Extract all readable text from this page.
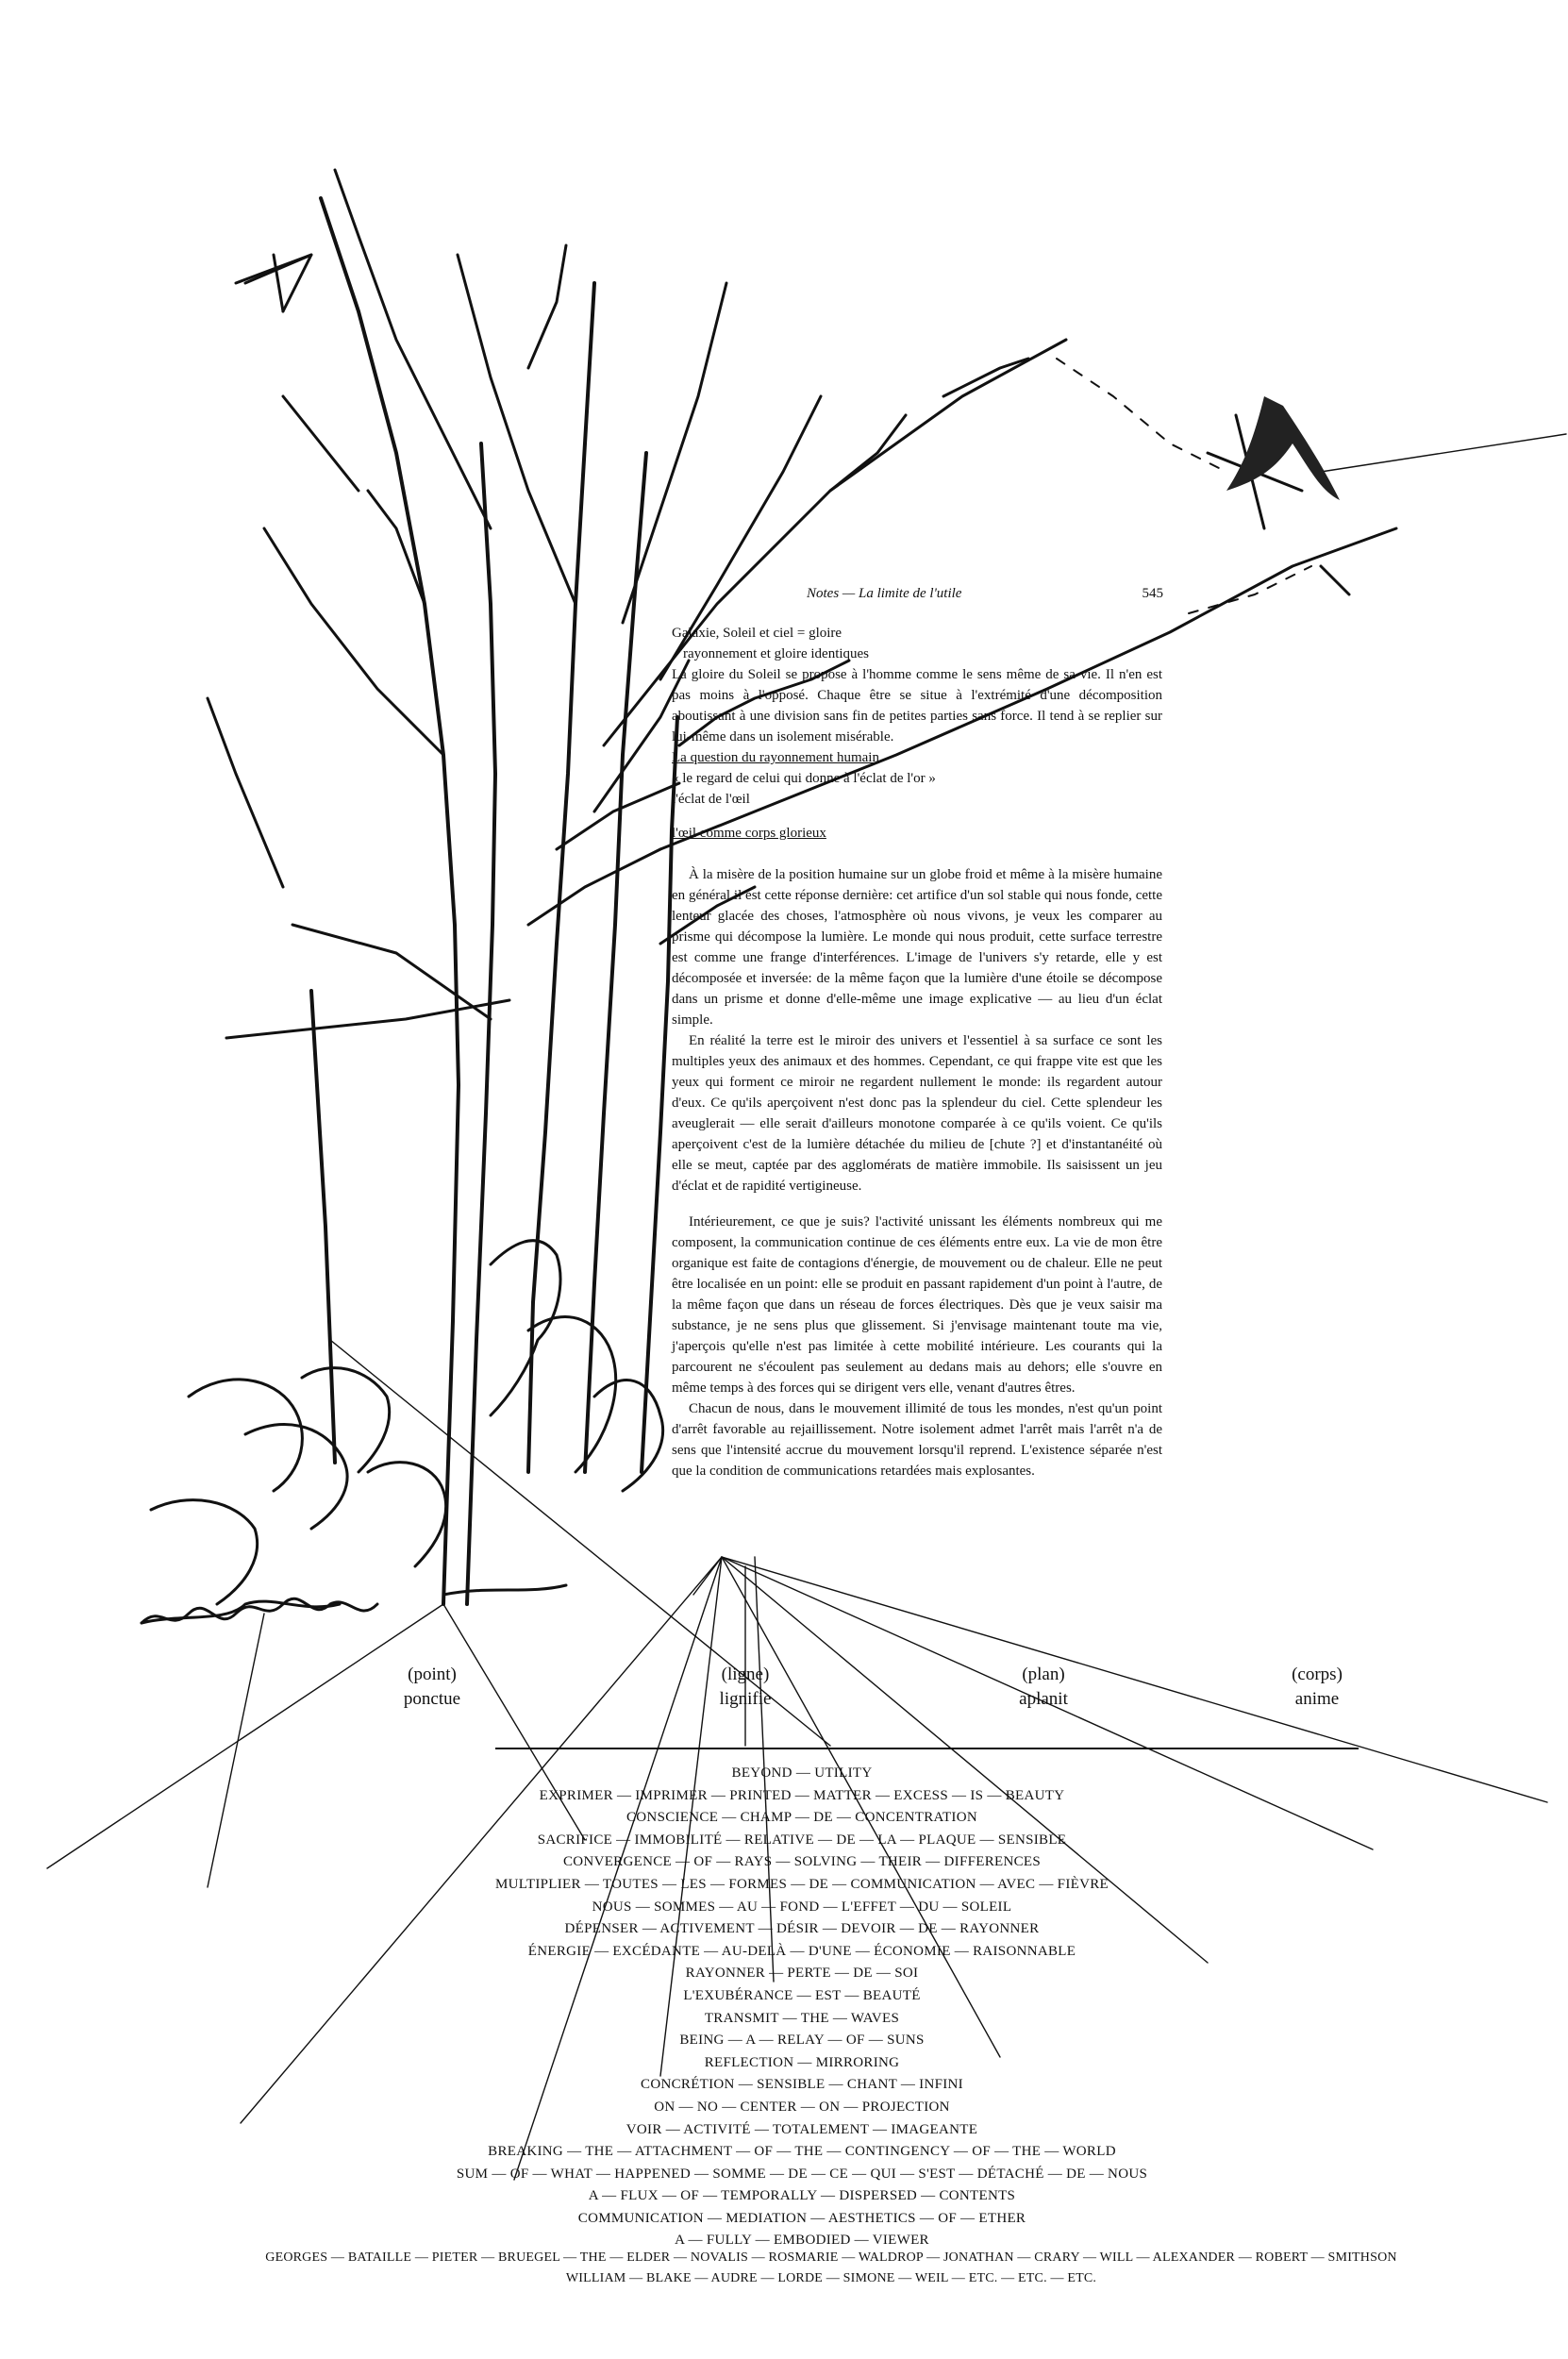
Notes — La limite de l'utile	545
Galaxie, Soleil et ciel = gloire
rayonnement et gloire identiques

La gloire du Soleil se propose à l'homme comme le sens même de sa vie. Il n'en est pas moins à l'opposé. Chaque être se situe à l'extrémité d'une décomposition aboutissant à une division sans fin de petites parties sans force. Il tend à se replier sur lui-même dans un isolement misérable.

La question du rayonnement humain
« le regard de celui qui donne à l'éclat de l'or »
l'éclat de l'œil
l'œil comme corps glorieux

À la misère de la position humaine sur un globe froid et même à la misère humaine en général il est cette réponse dernière: cet artifice d'un sol stable qui nous fonde, cette lenteur glacée des choses, l'atmosphère où nous vivons, je veux les comparer au prisme qui décompose la lumière. Le monde qui nous produit, cette surface terrestre est comme une frange d'interférences. L'image de l'univers s'y retarde, elle y est décomposée et inversée: de la même façon que la lumière d'une étoile se décompose dans un prisme et donne d'elle-même une image explicative — au lieu d'un éclat simple.

En réalité la terre est le miroir des univers et l'essentiel à sa surface ce sont les multiples yeux des animaux et des hommes. Cependant, ce qui frappe vite est que les yeux qui forment ce miroir ne regardent nullement le monde: ils regardent autour d'eux. Ce qu'ils aperçoivent n'est donc pas la splendeur du ciel. Cette splendeur les aveuglerait — elle serait d'ailleurs monotone comparée à ce qu'ils voient. Ce qu'ils aperçoivent c'est de la lumière détachée du milieu de [chute ?] et d'instantanéité où elle se meut, captée par des agglomérats de matière immobile. Ils saisissent un jeu d'éclat et de rapidité vertigineuse.

Intérieurement, ce que je suis? l'activité unissant les éléments nombreux qui me composent, la communication continue de ces éléments entre eux. La vie de mon être organique est faite de contagions d'énergie, de mouvement ou de chaleur. Elle ne peut être localisée en un point: elle se produit en passant rapidement d'un point à l'autre, de la même façon que dans un réseau de forces électriques. Dès que je veux saisir ma substance, je ne sens plus que glissement. Si j'envisage maintenant toute ma vie, j'aperçois qu'elle n'est pas limitée à cette mobilité intérieure. Les courants qui la parcourent ne s'écoulent pas seulement au dedans mais au dehors; elle s'ouvre en même temps à des forces qui se dirigent vers elle, venant d'autres êtres.

Chacun de nous, dans le mouvement illimité de tous les mondes, n'est qu'un point d'arrêt favorable au rejaillissement. Notre isolement admet l'arrêt mais l'arrêt n'a de sens que l'intensité accrue du mouvement lorsqu'il reprend. L'existence séparée n'est que la condition de communications retardées mais explosantes.

(point)
ponctue
(ligne)
lignifie
(plan)
aplanit
(corps)
anime
BEYOND — UTILITY
EXPRIMER — IMPRIMER — PRINTED — MATTER — EXCESS — IS — BEAUTY
CONSCIENCE — CHAMP — DE — CONCENTRATION
SACRIFICE — IMMOBILITÉ — RELATIVE — DE — LA — PLAQUE — SENSIBLE
CONVERGENCE — OF — RAYS — SOLVING — THEIR — DIFFERENCES
MULTIPLIER — TOUTES — LES — FORMES — DE — COMMUNICATION — AVEC — FIÈVRE
NOUS — SOMMES — AU — FOND — L'EFFET — DU — SOLEIL
DÉPENSER — ACTIVEMENT — DÉSIR — DEVOIR — DE — RAYONNER
ÉNERGIE — EXCÉDANTE — AU-DELÀ — D'UNE — ÉCONOMIE — RAISONNABLE
RAYONNER — PERTE — DE — SOI
L'EXUBÉRANCE — EST — BEAUTÉ
TRANSMIT — THE — WAVES
BEING — A — RELAY — OF — SUNS
REFLECTION — MIRRORING
CONCRÉTION — SENSIBLE — CHANT — INFINI
ON — NO — CENTER — ON — PROJECTION
VOIR — ACTIVITÉ — TOTALEMENT — IMAGEANTE
BREAKING — THE — ATTACHMENT — OF — THE — CONTINGENCY — OF — THE — WORLD
SUM — OF — WHAT — HAPPENED — SOMME — DE — CE — QUI — S'EST — DÉTACHÉ — DE — NOUS
A — FLUX — OF — TEMPORALLY — DISPERSED — CONTENTS
COMMUNICATION — MEDIATION — AESTHETICS — OF — ETHER
A — FULLY — EMBODIED — VIEWER
GEORGES — BATAILLE — PIETER — BRUEGEL — THE — ELDER — NOVALIS — ROSMARIE — WALDROP — JONATHAN — CRARY — WILL — ALEXANDER — ROBERT — SMITHSON
WILLIAM — BLAKE — AUDRE — LORDE — SIMONE — WEIL — ETC. — ETC. — ETC.
